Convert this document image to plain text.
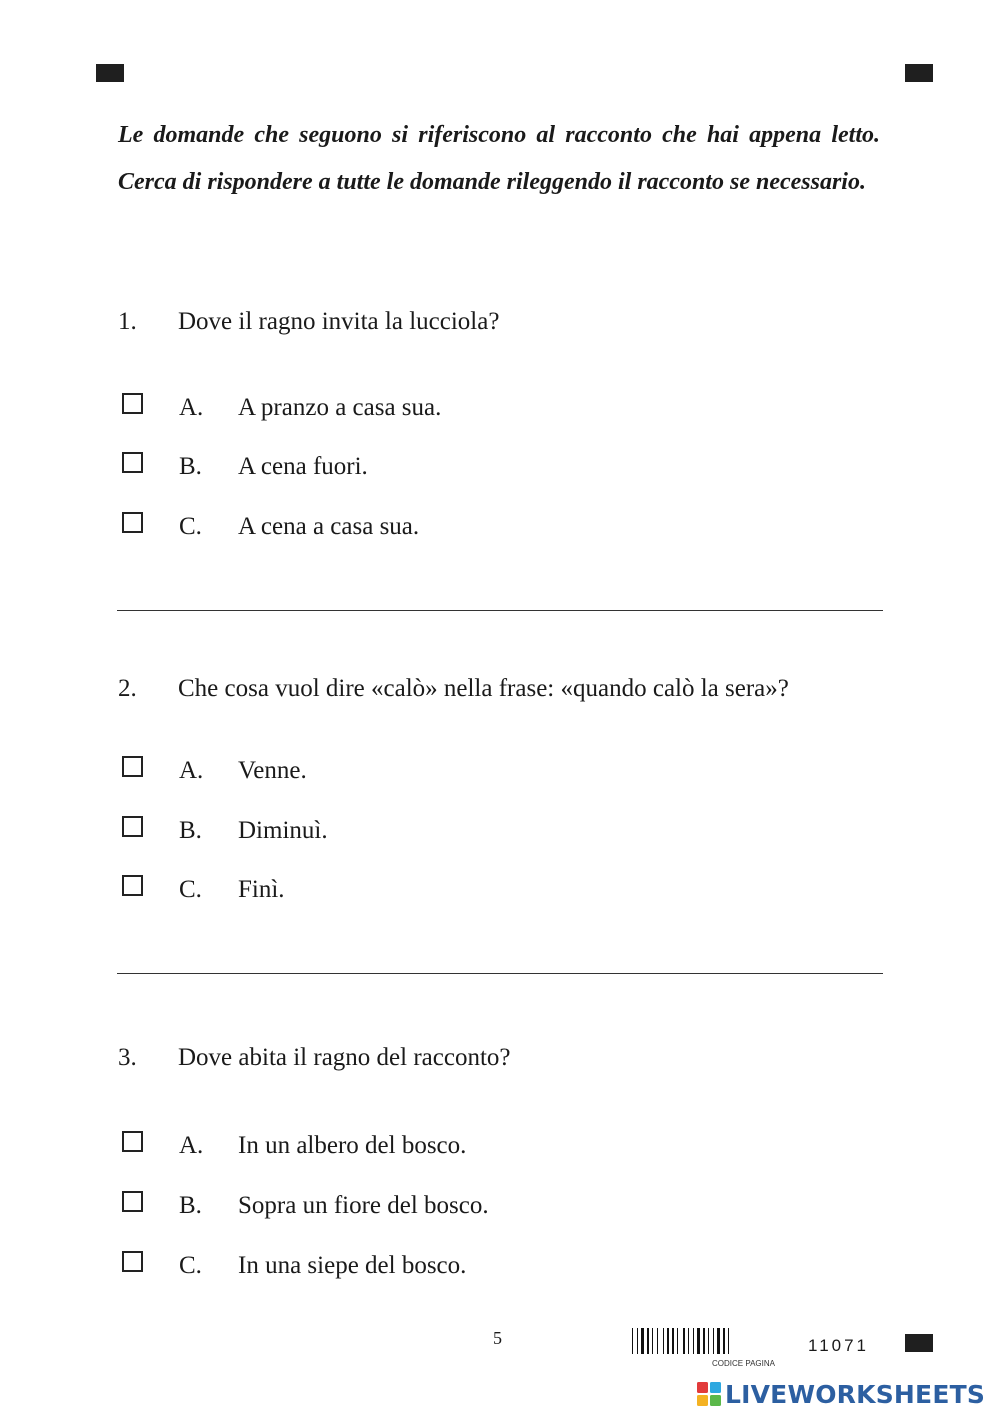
Le domande che seguono si riferiscono al racconto che hai appena letto. Cerca di rispondere a tutte le domande rileggendo il racconto se necessario.

1. Dove il ragno invita la lucciola?
A. A pranzo a casa sua.
B. A cena fuori.
C. A cena a casa sua.
2. Che cosa vuol dire «calò» nella frase: «quando calò la sera»?
A. Venne.
B. Diminuì.
C. Finì.
3. Dove abita il ragno del racconto?
A. In un albero del bosco.
B. Sopra un fiore del bosco.
C. In una siepe del bosco.
5
CODICE PAGINA
11071
LIVEWORKSHEETS
